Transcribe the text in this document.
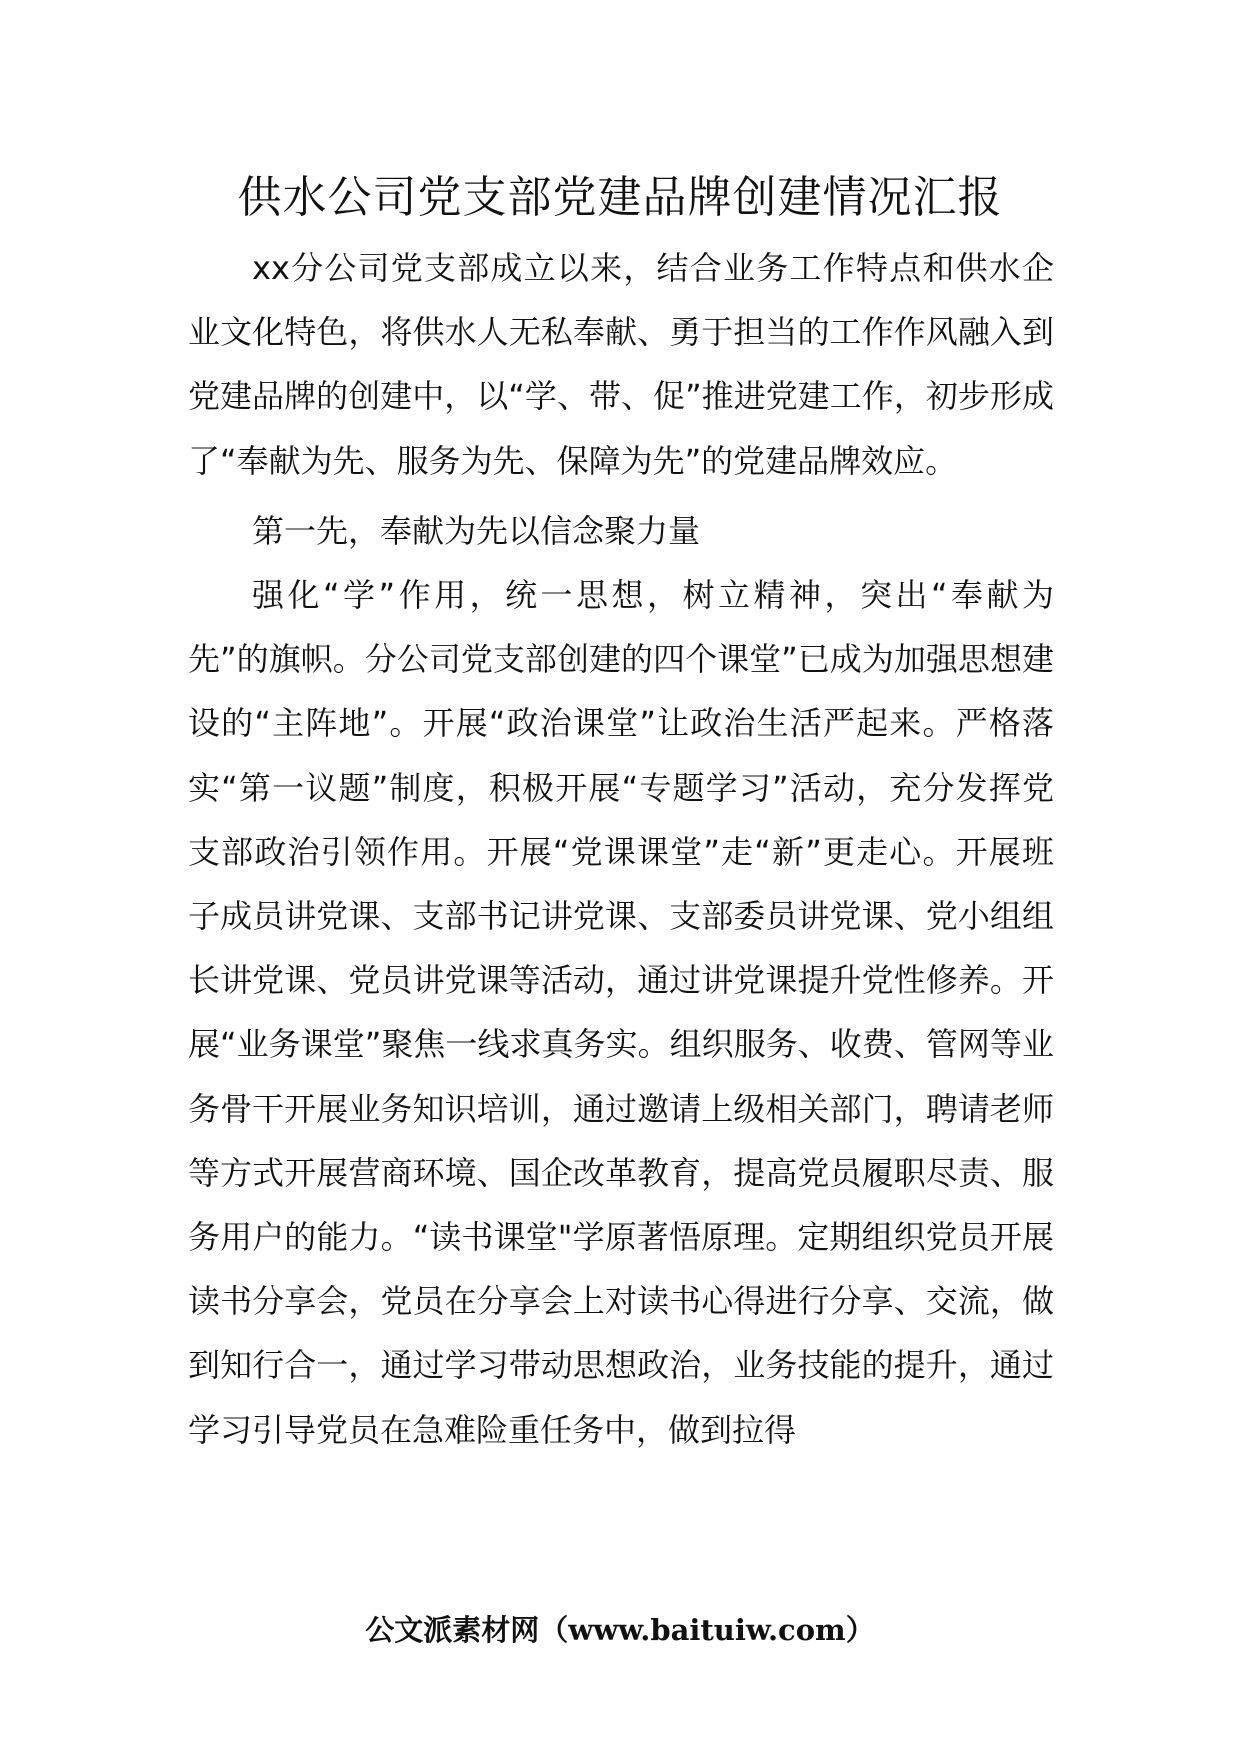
供水公司党支部党建品牌创建情况汇报

xx分公司党支部成立以来，结合业务工作特点和供水企业文化特色，将供水人无私奉献、勇于担当的工作作风融入到党建品牌的创建中，以“学、带、促”推进党建工作，初步形成了“奉献为先、服务为先、保障为先”的党建品牌效应。

第一先，奉献为先以信念聚力量

强化“学”作用，统一思想，树立精神，突出“奉献为先”的旗帜。分公司党支部创建的四个课堂”已成为加强思想建设的“主阵地”。开展“政治课堂”让政治生活严起来。严格落实“第一议题”制度，积极开展“专题学习”活动，充分发挥党支部政治引领作用。开展“党课课堂”走“新”更走心。开展班子成员讲党课、支部书记讲党课、支部委员讲党课、党小组组长讲党课、党员讲党课等活动，通过讲党课提升党性修养。开展“业务课堂”聚焦一线求真务实。组织服务、收费、管网等业务骨干开展业务知识培训，通过邀请上级相关部门，聘请老师等方式开展营商环境、国企改革教育，提高党员履职尽责、服务用户的能力。“读书课堂"学原著悟原理。定期组织党员开展读书分享会，党员在分享会上对读书心得进行分享、交流，做到知行合一，通过学习带动思想政治，业务技能的提升，通过学习引导党员在急难险重任务中，做到拉得

公文派素材网（www.baituiw.com）
